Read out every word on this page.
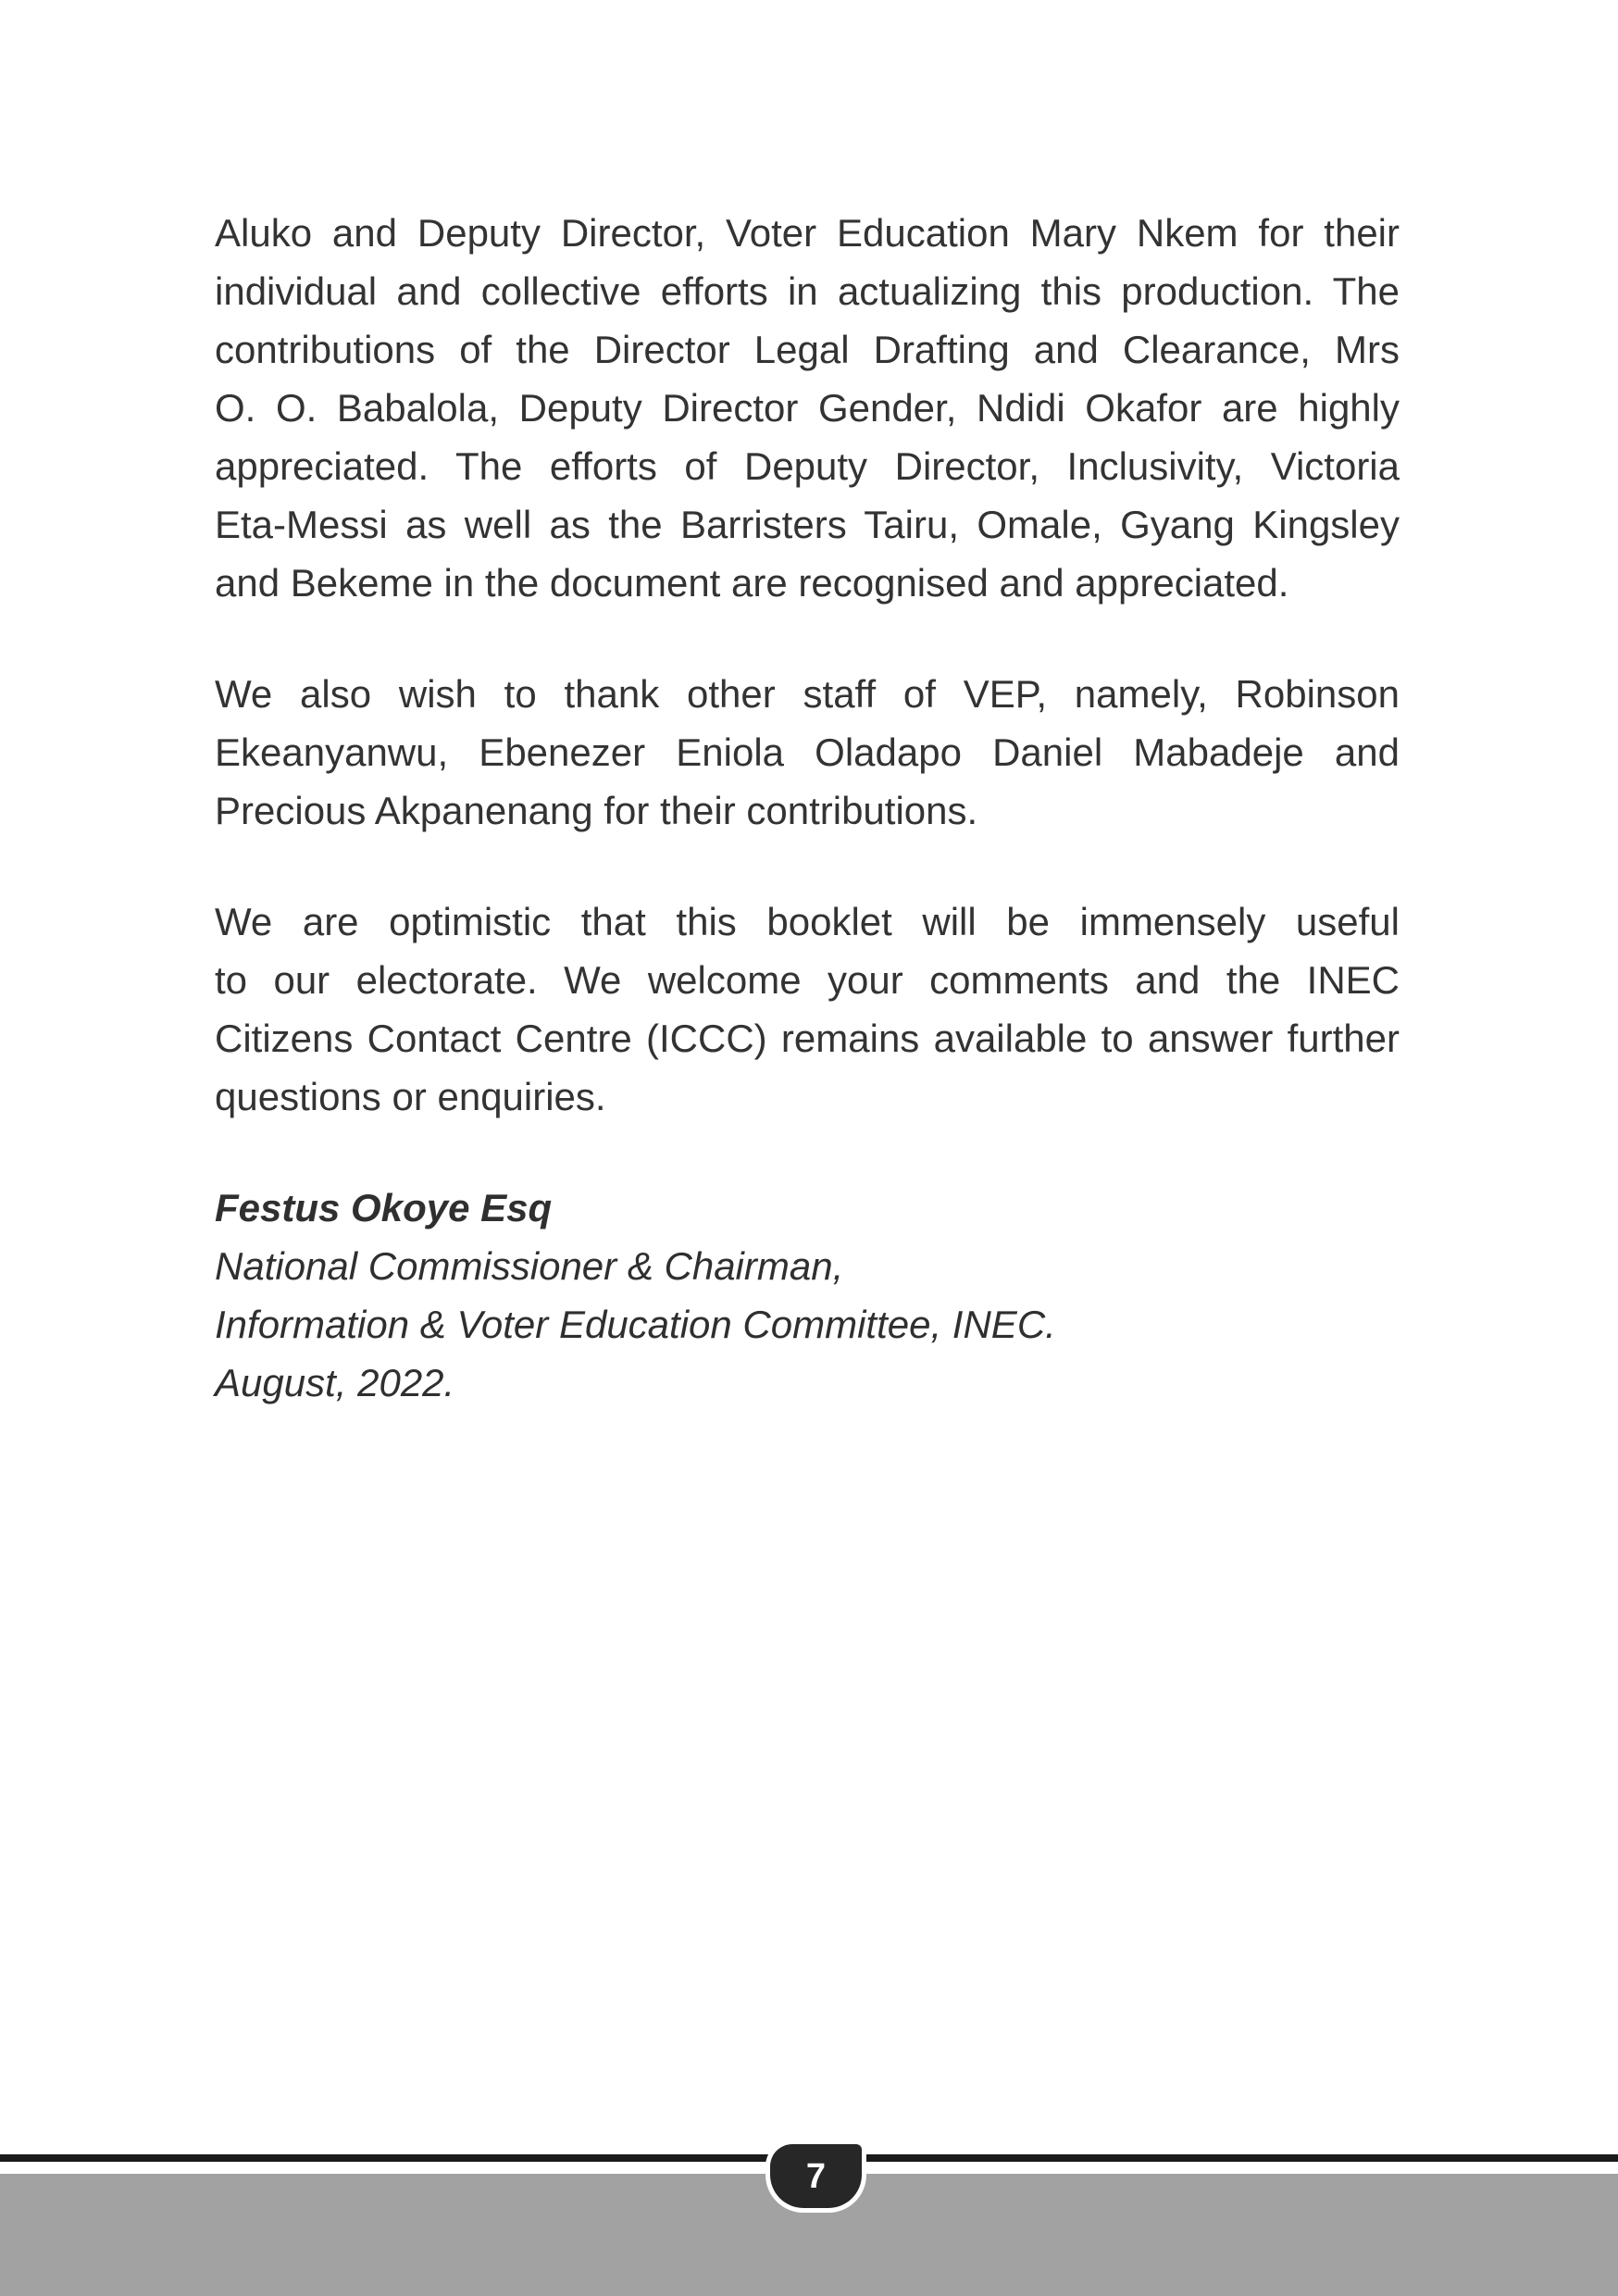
Aluko and Deputy Director, Voter Education Mary Nkem for their
individual and collective efforts in actualizing this production. The
contributions of the Director Legal Drafting and Clearance, Mrs
O. O. Babalola, Deputy Director Gender, Ndidi Okafor are highly
appreciated. The efforts of Deputy Director, Inclusivity, Victoria
Eta-Messi as well as the Barristers Tairu, Omale, Gyang Kingsley
and Bekeme in the document are recognised and appreciated.
We also wish to thank other staff of VEP, namely, Robinson
Ekeanyanwu, Ebenezer Eniola Oladapo Daniel Mabadeje and
Precious Akpanenang for their contributions.
We are optimistic that this booklet will be immensely useful
to our electorate. We welcome your comments and the INEC
Citizens Contact Centre (ICCC) remains available to answer further
questions or enquiries.
Festus Okoye Esq
National Commissioner & Chairman,
Information & Voter Education Committee, INEC.
August, 2022.
7
